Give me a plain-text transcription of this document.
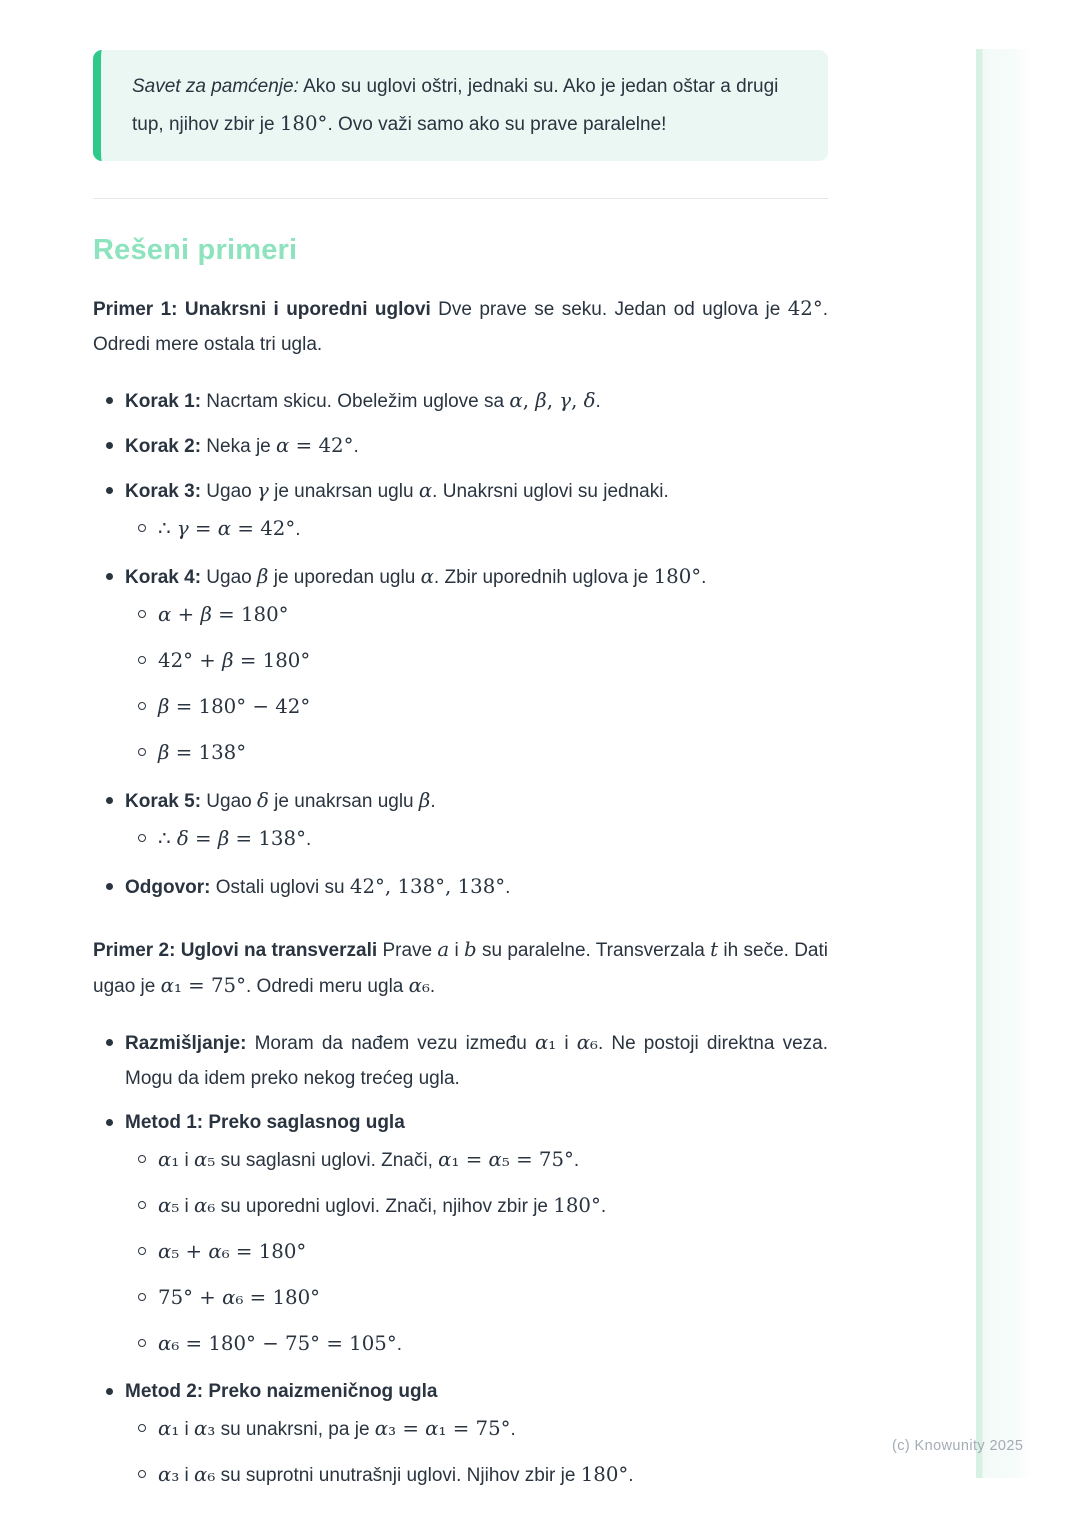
Savet za pamćenje: Ako su uglovi oštri, jednaki su. Ako je jedan oštar a drugi tup, njihov zbir je 180°. Ovo važi samo ako su prave paralelne!

Rešeni primeri

Primer 1: Unakrsni i uporedni uglovi Dve prave se seku. Jedan od uglova je 42°. Odredi mere ostala tri ugla.

Korak 1: Nacrtam skicu. Obeležim uglove sa α, β, γ, δ.
Korak 2: Neka je α = 42°.
Korak 3: Ugao γ je unakrsan uglu α. Unakrsni uglovi su jednaki.
∴ γ = α = 42°.
Korak 4: Ugao β je uporedan uglu α. Zbir uporednih uglova je 180°.
α + β = 180°
42° + β = 180°
β = 180° − 42°
β = 138°
Korak 5: Ugao δ je unakrsan uglu β.
∴ δ = β = 138°.
Odgovor: Ostali uglovi su 42°, 138°, 138°.

Primer 2: Uglovi na transverzali Prave a i b su paralelne. Transverzala t ih seče. Dati ugao je α₁ = 75°. Odredi meru ugla α₆.

Razmišljanje: Moram da nađem vezu između α₁ i α₆. Ne postoji direktna veza. Mogu da idem preko nekog trećeg ugla.
Metod 1: Preko saglasnog ugla
α₁ i α₅ su saglasni uglovi. Znači, α₁ = α₅ = 75°.
α₅ i α₆ su uporedni uglovi. Znači, njihov zbir je 180°.
α₅ + α₆ = 180°
75° + α₆ = 180°
α₆ = 180° − 75° = 105°.
Metod 2: Preko naizmeničnog ugla
α₁ i α₃ su unakrsni, pa je α₃ = α₁ = 75°.
α₃ i α₆ su suprotni unutrašnji uglovi. Njihov zbir je 180°.
(c) Knowunity 2025
